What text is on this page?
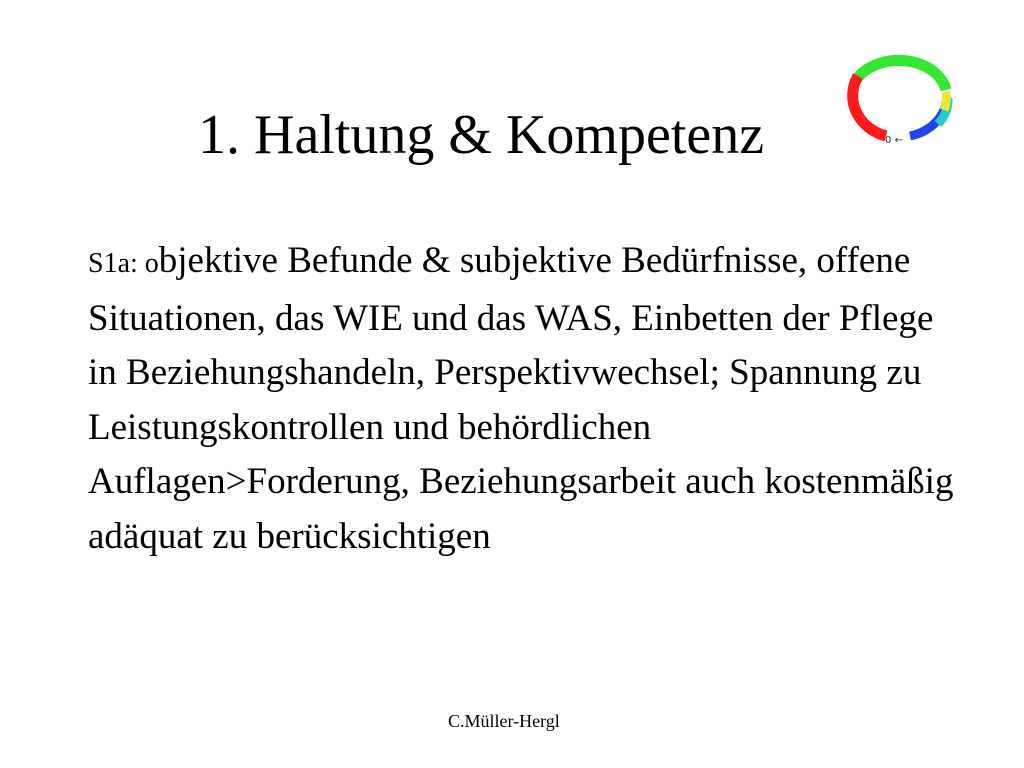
1. Haltung & Kompetenz	0 ←
S1a: objektive Befunde & subjektive Bedürfnisse, offene Situationen, das WIE und das WAS, Einbetten der Pflege in Beziehungshandeln, Perspektivwechsel; Spannung zu Leistungskontrollen und behördlichen Auflagen>Forderung, Beziehungsarbeit auch kostenmäßig adäquat zu berücksichtigen
C.Müller-Hergl
